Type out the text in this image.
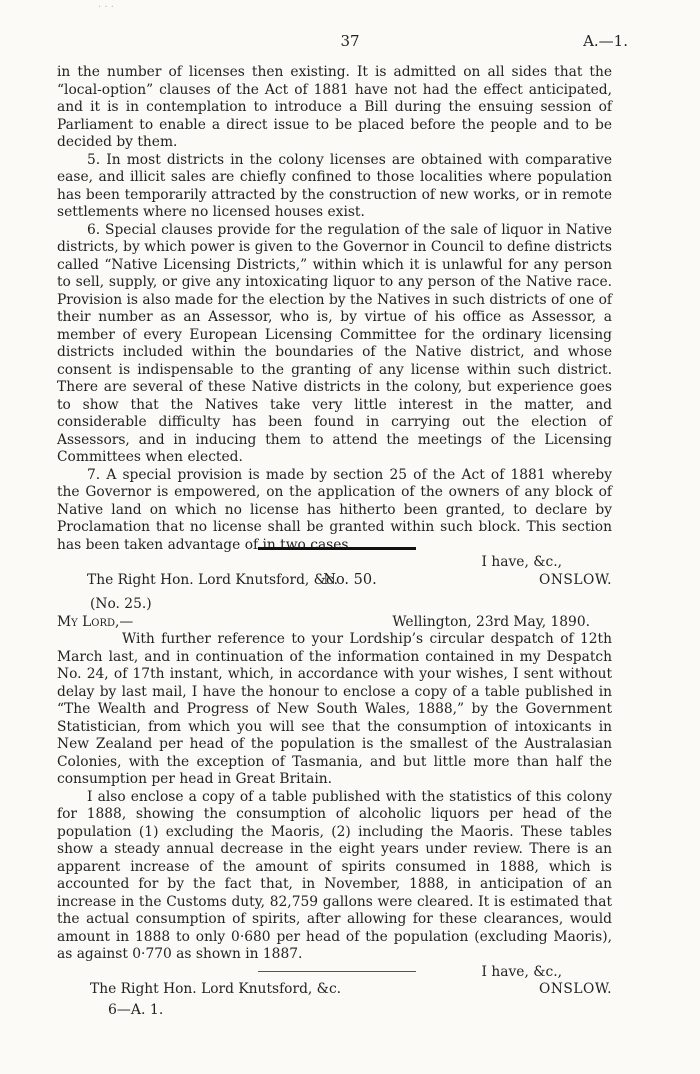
· · ·
37	A.—1.

in the number of licenses then existing. It is admitted on all sides that the “local-option” clauses of the Act of 1881 have not had the effect anticipated, and it is in contemplation to introduce a Bill during the ensuing session of Parliament to enable a direct issue to be placed before the people and to be decided by them.

5. In most districts in the colony licenses are obtained with comparative ease, and illicit sales are chiefly confined to those localities where population has been temporarily attracted by the construction of new works, or in remote settlements where no licensed houses exist.

6. Special clauses provide for the regulation of the sale of liquor in Native districts, by which power is given to the Governor in Council to define districts called “Native Licensing Districts,” within which it is unlawful for any person to sell, supply, or give any intoxicating liquor to any person of the Native race. Provision is also made for the election by the Natives in such districts of one of their number as an Assessor, who is, by virtue of his office as Assessor, a member of every European Licensing Committee for the ordinary licensing districts included within the boundaries of the Native district, and whose consent is indispensable to the granting of any license within such district. There are several of these Native districts in the colony, but experience goes to show that the Natives take very little interest in the matter, and considerable difficulty has been found in carrying out the election of Assessors, and in inducing them to attend the meetings of the Licensing Committees when elected.

7. A special provision is made by section 25 of the Act of 1881 whereby the Governor is empowered, on the application of the owners of any block of Native land on which no license has hitherto been granted, to declare by Proclamation that no license shall be granted within such block. This section has been taken advantage of in two cases.

I have, &c.,

The Right Hon. Lord Knutsford, &c.	ONSLOW.
No. 50.

(No. 25.)

My Lord,—	Wellington, 23rd May, 1890.

With further reference to your Lordship’s circular despatch of 12th March last, and in continuation of the information contained in my Despatch No. 24, of 17th instant, which, in accordance with your wishes, I sent without delay by last mail, I have the honour to enclose a copy of a table published in “The Wealth and Progress of New South Wales, 1888,” by the Government Statistician, from which you will see that the consumption of intoxicants in New Zealand per head of the population is the smallest of the Australasian Colonies, with the exception of Tasmania, and but little more than half the consumption per head in Great Britain.

I also enclose a copy of a table published with the statistics of this colony for 1888, showing the consumption of alcoholic liquors per head of the population (1) excluding the Maoris, (2) including the Maoris. These tables show a steady annual decrease in the eight years under review. There is an apparent increase of the amount of spirits consumed in 1888, which is accounted for by the fact that, in November, 1888, in anticipation of an increase in the Customs duty, 82,759 gallons were cleared. It is estimated that the actual consumption of spirits, after allowing for these clearances, would amount in 1888 to only 0·680 per head of the population (excluding Maoris), as against 0·770 as shown in 1887.

I have, &c.,

The Right Hon. Lord Knutsford, &c.	ONSLOW.
6—A. 1.
